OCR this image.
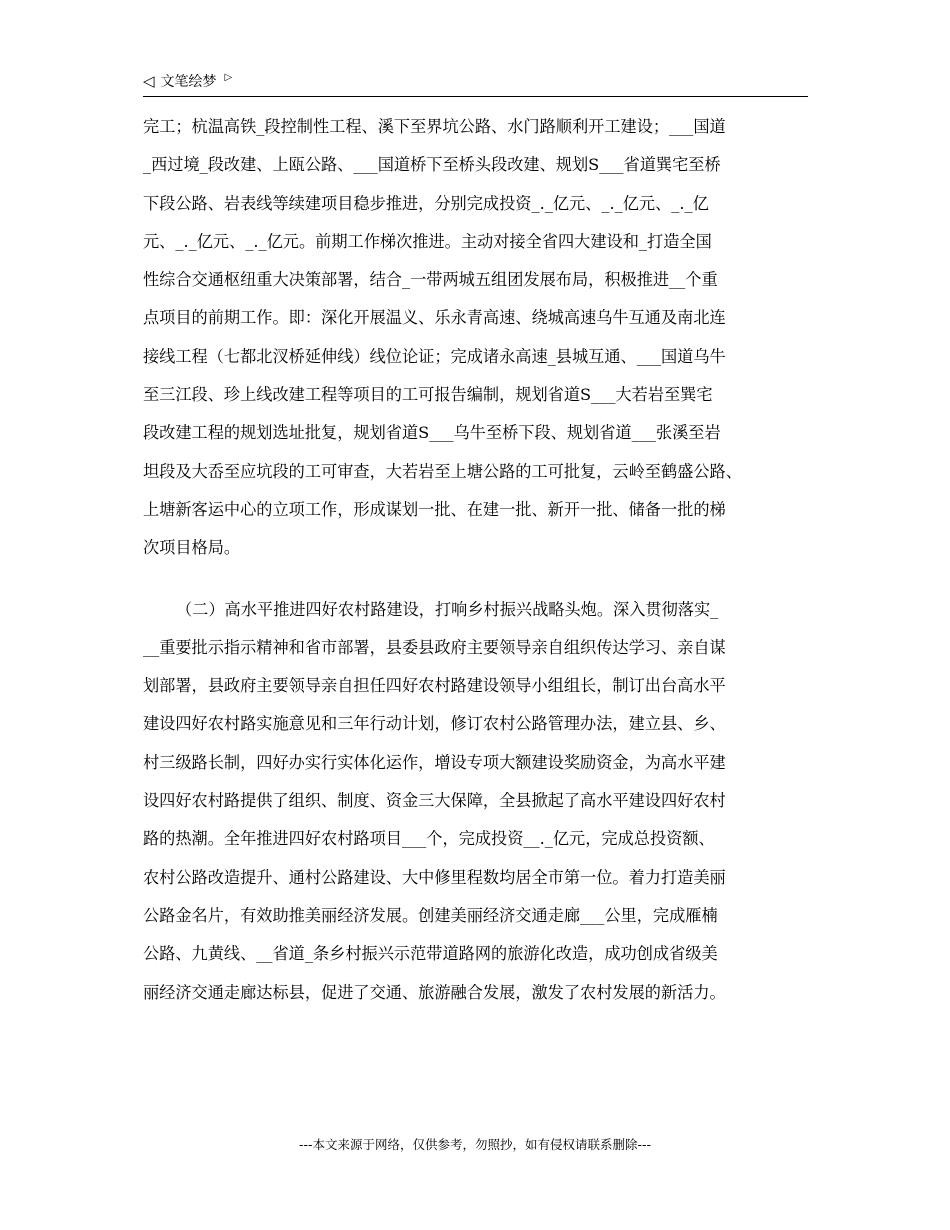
◁ 文笔绘梦 ▷
完工；杭温高铁_段控制性工程、溪下至界坑公路、水门路顺利开工建设；___国道
_西过境_段改建、上瓯公路、___国道桥下至桥头段改建、规划S___省道巽宅至桥
下段公路、岩表线等续建项目稳步推进，分别完成投资_._亿元、_._亿元、_._亿
元、_._亿元、_._亿元。前期工作梯次推进。主动对接全省四大建设和_打造全国
性综合交通枢纽重大决策部署，结合_一带两城五组团发展布局，积极推进__个重
点项目的前期工作。即：深化开展温义、乐永青高速、绕城高速乌牛互通及南北连
接线工程（七都北汊桥延伸线）线位论证；完成诸永高速_县城互通、___国道乌牛
至三江段、珍上线改建工程等项目的工可报告编制，规划省道S___大若岩至巽宅
段改建工程的规划选址批复，规划省道S___乌牛至桥下段、规划省道___张溪至岩
坦段及大岙至应坑段的工可审查，大若岩至上塘公路的工可批复，云岭至鹤盛公路、
上塘新客运中心的立项工作，形成谋划一批、在建一批、新开一批、储备一批的梯
次项目格局。
（二）高水平推进四好农村路建设，打响乡村振兴战略头炮。深入贯彻落实_
__重要批示指示精神和省市部署，县委县政府主要领导亲自组织传达学习、亲自谋
划部署，县政府主要领导亲自担任四好农村路建设领导小组组长，制订出台高水平
建设四好农村路实施意见和三年行动计划，修订农村公路管理办法，建立县、乡、
村三级路长制，四好办实行实体化运作，增设专项大额建设奖励资金，为高水平建
设四好农村路提供了组织、制度、资金三大保障，全县掀起了高水平建设四好农村
路的热潮。全年推进四好农村路项目___个，完成投资__._亿元，完成总投资额、
农村公路改造提升、通村公路建设、大中修里程数均居全市第一位。着力打造美丽
公路金名片，有效助推美丽经济发展。创建美丽经济交通走廊___公里，完成雁楠
公路、九黄线、__省道_条乡村振兴示范带道路网的旅游化改造，成功创成省级美
丽经济交通走廊达标县，促进了交通、旅游融合发展，激发了农村发展的新活力。
---本文来源于网络，仅供参考，勿照抄，如有侵权请联系删除---
